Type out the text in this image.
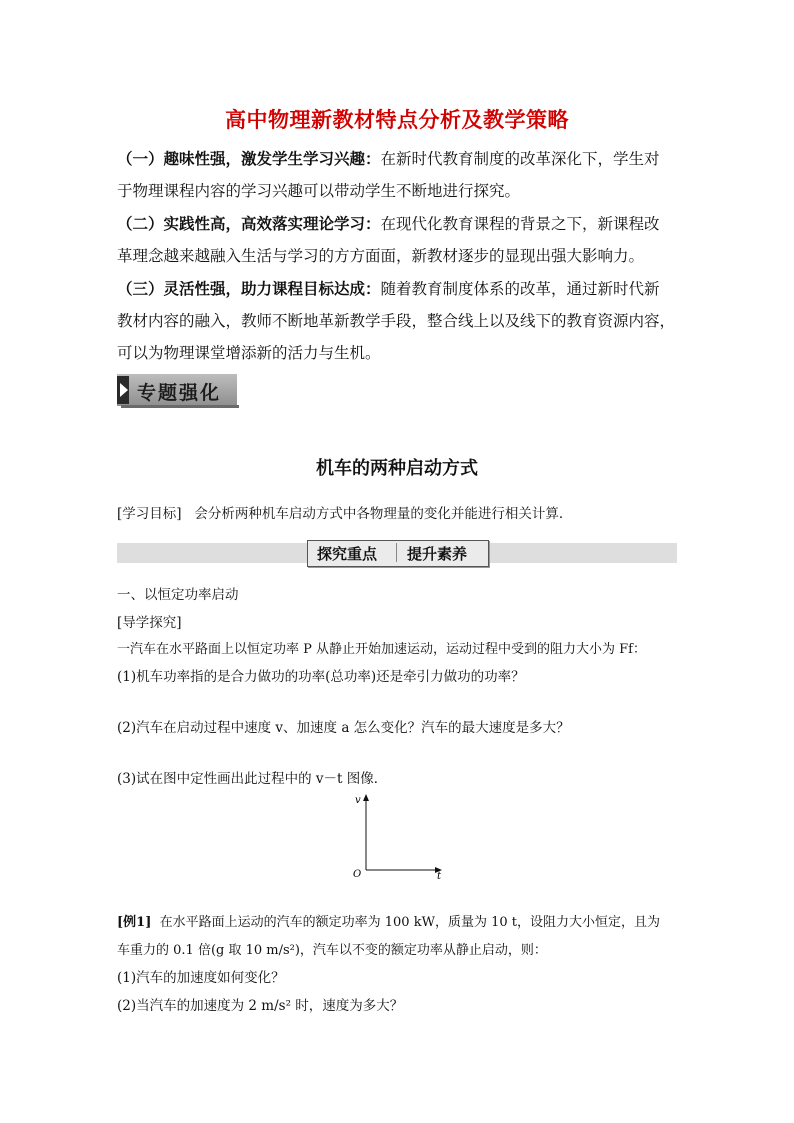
高中物理新教材特点分析及教学策略
（一）趣味性强，激发学生学习兴趣：在新时代教育制度的改革深化下，学生对
于物理课程内容的学习兴趣可以带动学生不断地进行探究。
（二）实践性高，高效落实理论学习：在现代化教育课程的背景之下，新课程改
革理念越来越融入生活与学习的方方面面，新教材逐步的显现出强大影响力。
（三）灵活性强，助力课程目标达成：随着教育制度体系的改革，通过新时代新
教材内容的融入，教师不断地革新教学手段，整合线上以及线下的教育资源内容，
可以为物理课堂增添新的活力与生机。
专题强化
机车的两种启动方式
[学习目标] 会分析两种机车启动方式中各物理量的变化并能进行相关计算．
探究重点 提升素养
一、以恒定功率启动
[导学探究]
一汽车在水平路面上以恒定功率 P 从静止开始加速运动，运动过程中受到的阻力大小为 Ff：
(1)机车功率指的是合力做功的功率(总功率)还是牵引力做功的功率？
(2)汽车在启动过程中速度 v、加速度 a 怎么变化？汽车的最大速度是多大？
(3)试在图中定性画出此过程中的 v－t 图像．
v
t
O
[例1] 在水平路面上运动的汽车的额定功率为 100 kW，质量为 10 t，设阻力大小恒定，且为
车重力的 0.1 倍(g 取 10 m/s²)，汽车以不变的额定功率从静止启动，则：
(1)汽车的加速度如何变化？
(2)当汽车的加速度为 2 m/s² 时，速度为多大？
